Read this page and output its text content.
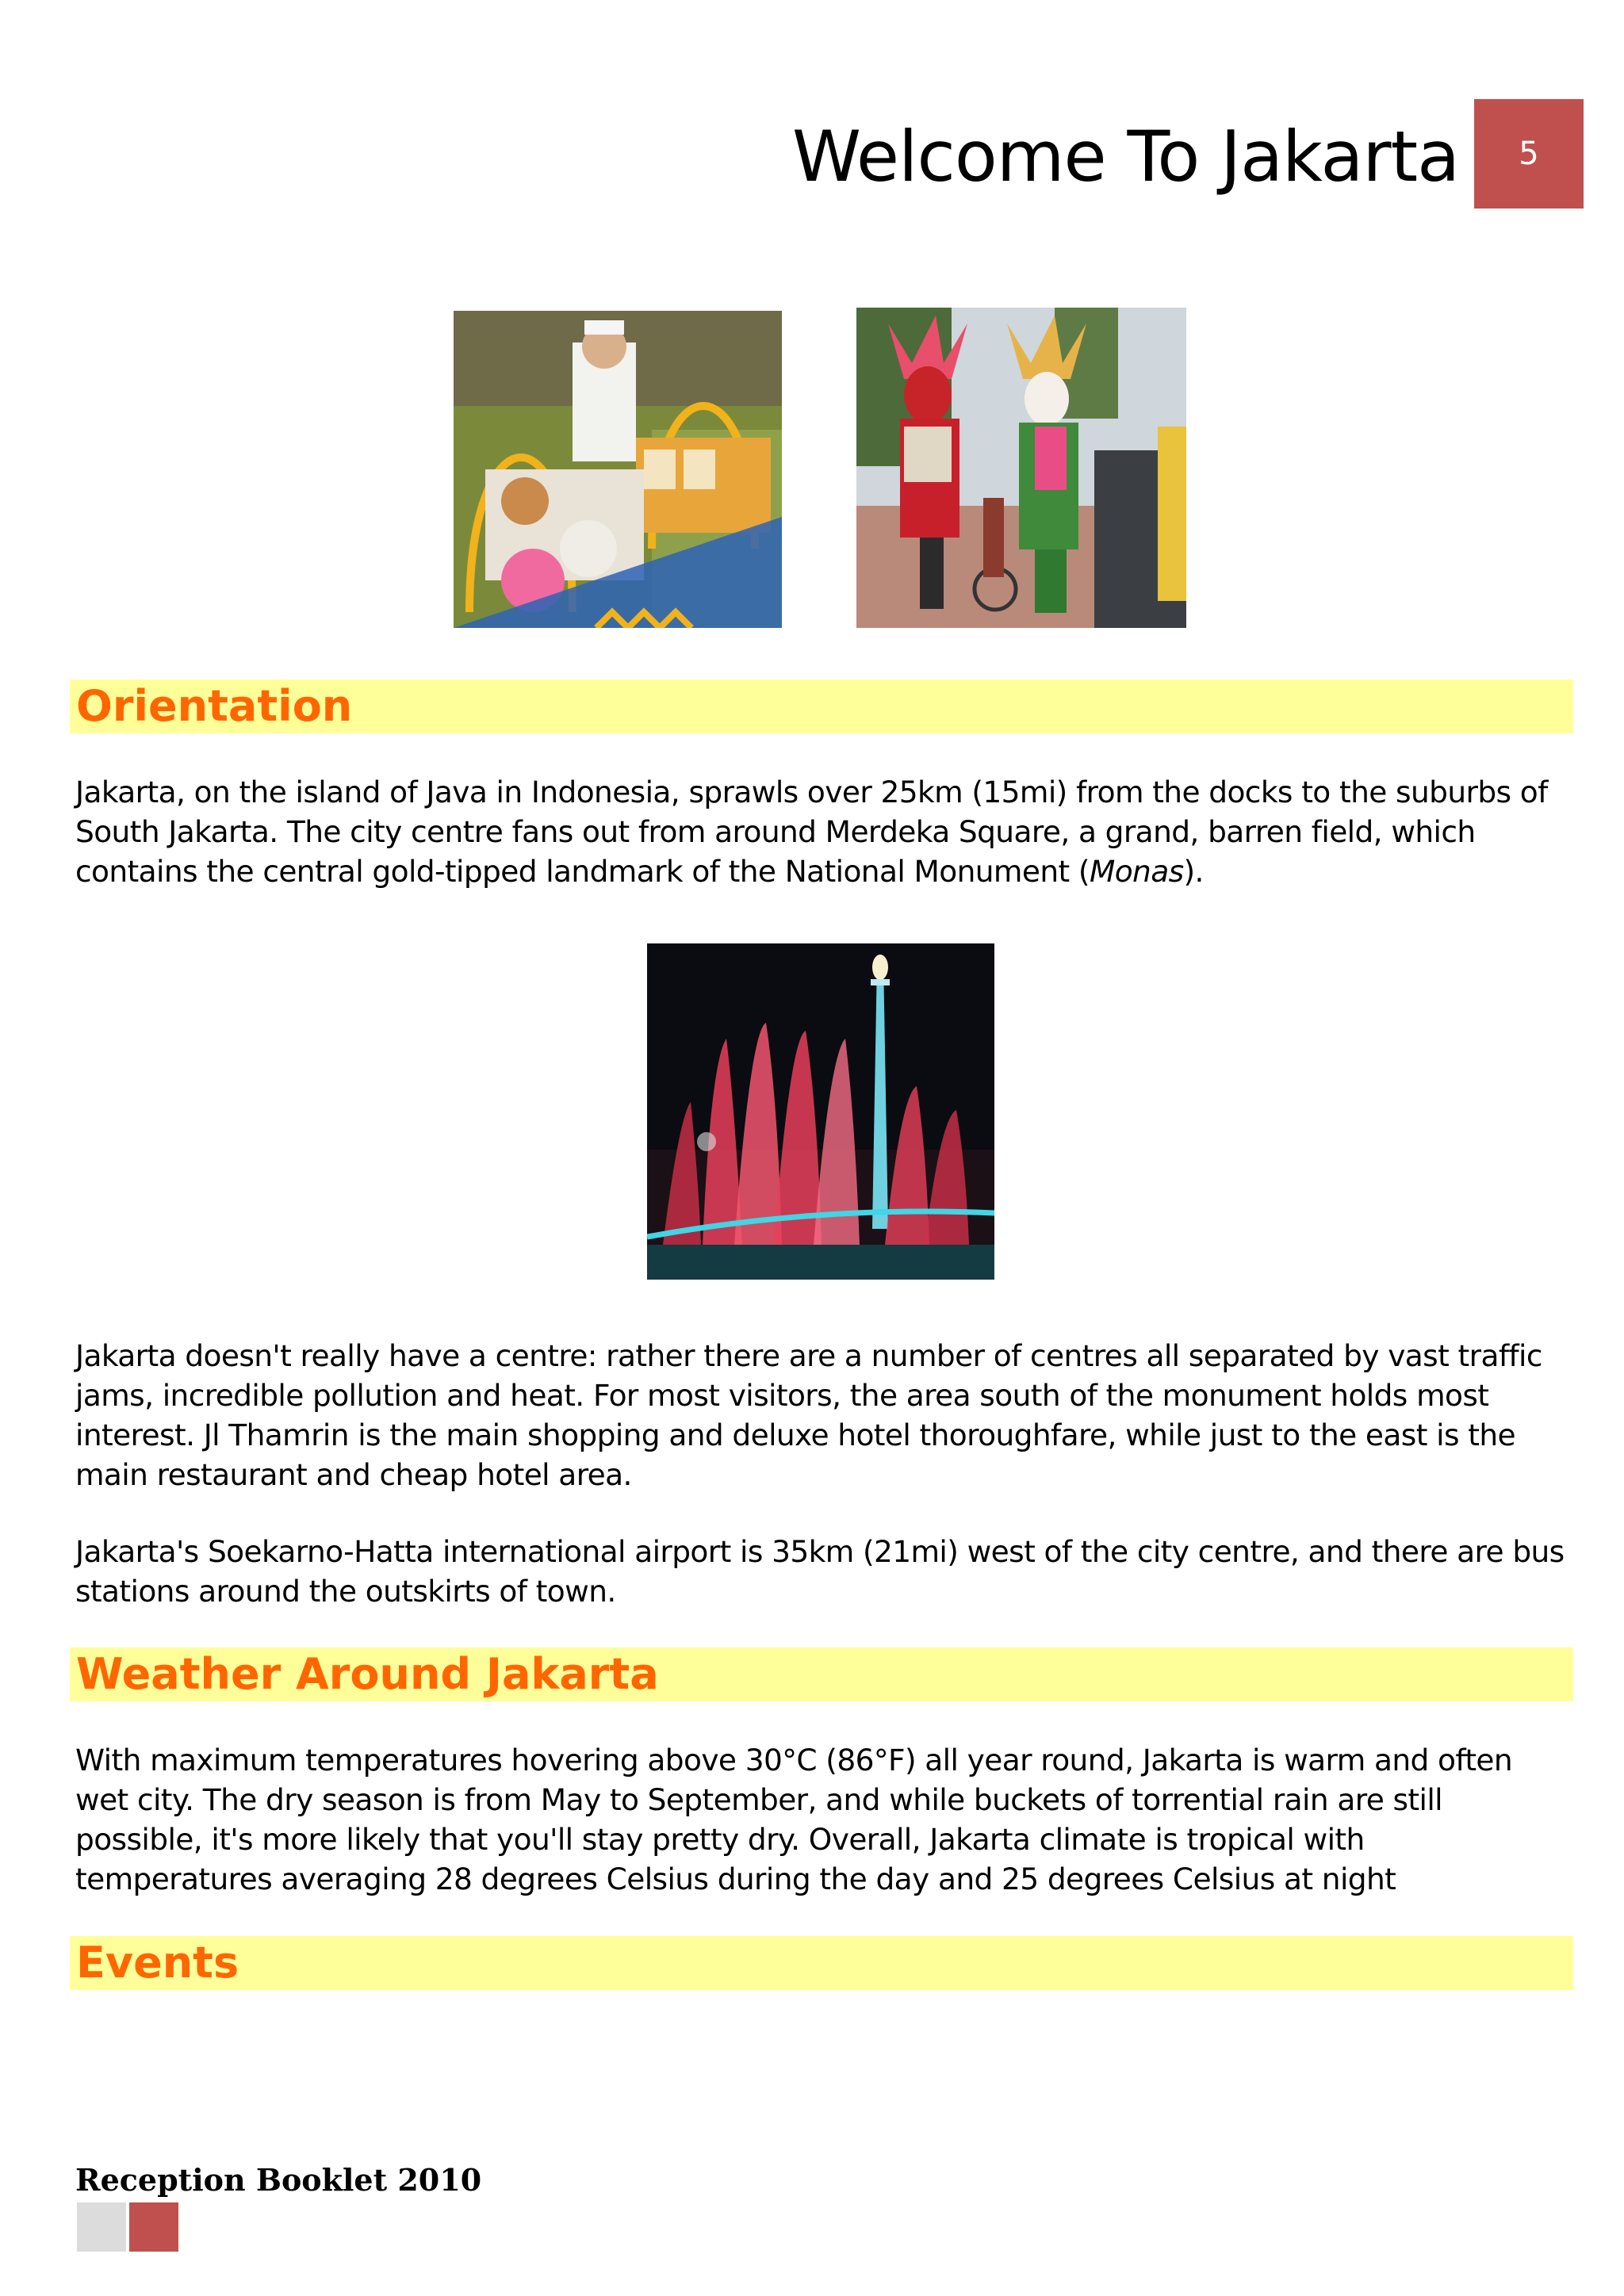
Welcome To Jakarta	5
Orientation

Jakarta, on the island of Java in Indonesia, sprawls over 25km (15mi) from the docks to the suburbs of South Jakarta. The city centre fans out from around Merdeka Square, a grand, barren field, which contains the central gold-tipped landmark of the National Monument (Monas).

Jakarta doesn't really have a centre: rather there are a number of centres all separated by vast traffic jams, incredible pollution and heat. For most visitors, the area south of the monument holds most interest. Jl Thamrin is the main shopping and deluxe hotel thoroughfare, while just to the east is the main restaurant and cheap hotel area.

Jakarta's Soekarno-Hatta international airport is 35km (21mi) west of the city centre, and there are bus stations around the outskirts of town.

Weather Around Jakarta

With maximum temperatures hovering above 30°C (86°F) all year round, Jakarta is warm and often wet city. The dry season is from May to September, and while buckets of torrential rain are still possible, it's more likely that you'll stay pretty dry. Overall, Jakarta climate is tropical with temperatures averaging 28 degrees Celsius during the day and 25 degrees Celsius at night

Events

Reception Booklet 2010
